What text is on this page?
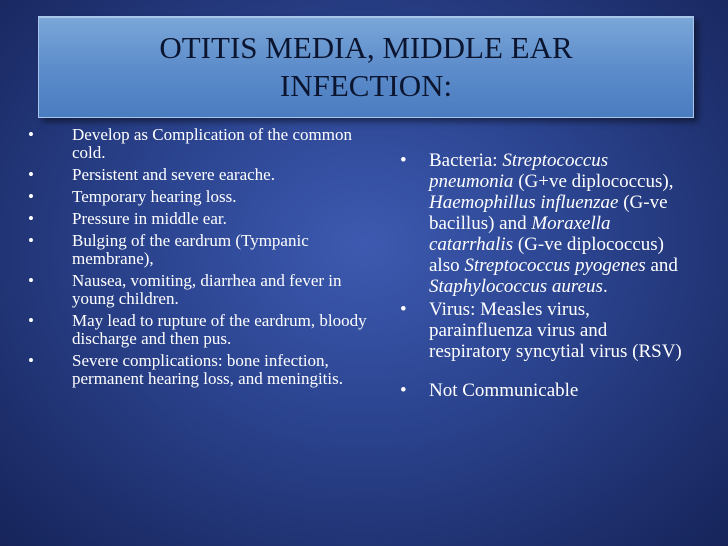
OTITIS MEDIA, MIDDLE EAR
INFECTION:
•	Develop as Complication of the common cold.
•	Persistent and severe earache.
•	Temporary hearing loss.
•	Pressure in middle ear.
•	Bulging of the eardrum (Tympanic membrane),
•	Nausea, vomiting, diarrhea and fever in young children.
•	May lead to rupture of the eardrum, bloody discharge and then pus.
•	Severe complications: bone infection, permanent hearing loss, and meningitis.
• Bacteria: Streptococcus pneumonia (G+ve diplococcus), Haemophillus influenzae (G-ve bacillus) and Moraxella catarrhalis (G-ve diplococcus) also Streptococcus pyogenes and Staphylococcus aureus.
• Virus: Measles virus, parainfluenza virus and respiratory syncytial virus (RSV)
• Not Communicable
